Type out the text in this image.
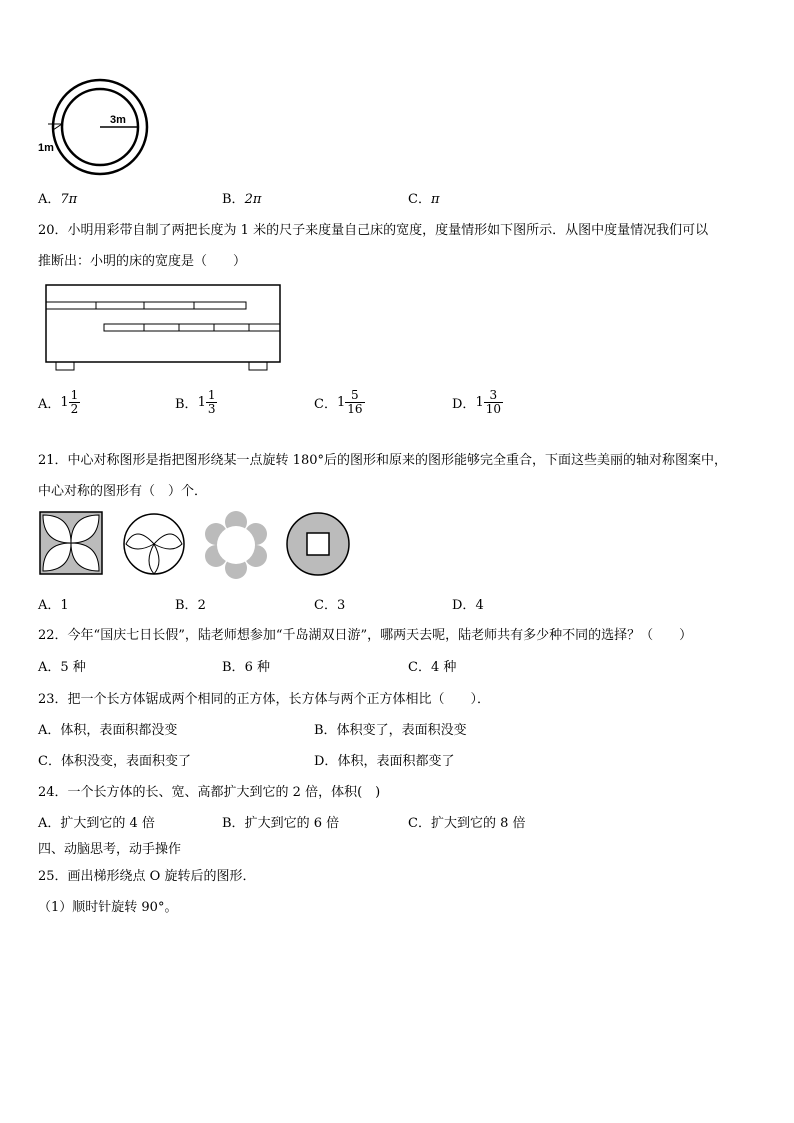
3m
1m
A．7π	B．2π	C．π
20．小明用彩带自制了两把长度为 1 米的尺子来度量自己床的宽度，度量情形如下图所示．从图中度量情况我们可以
推断出：小明的床的宽度是（　　）
A．$1 \frac{1}{2}$	B．$1 \frac{1}{3}$	C．$1 \frac{5}{16}$	D．$1 \frac{3}{10}$
21．中心对称图形是指把图形绕某一点旋转 180°后的图形和原来的图形能够完全重合，下面这些美丽的轴对称图案中，
中心对称的图形有（　）个．
A．1	B．2	C．3	D．4
22．今年“国庆七日长假”，陆老师想参加“千岛湖双日游”，哪两天去呢，陆老师共有多少种不同的选择？（　　）
A．5 种	B．6 种	C．4 种
23．把一个长方体锯成两个相同的正方体，长方体与两个正方体相比（　　）．
A．体积，表面积都没变	B．体积变了，表面积没变
C．体积没变，表面积变了	D．体积，表面积都变了
24．一个长方体的长、宽、高都扩大到它的 2 倍，体积(　)
A．扩大到它的 4 倍	B．扩大到它的 6 倍	C．扩大到它的 8 倍
四、动脑思考，动手操作
25．画出梯形绕点 O 旋转后的图形．
（1）顺时针旋转 90°。
